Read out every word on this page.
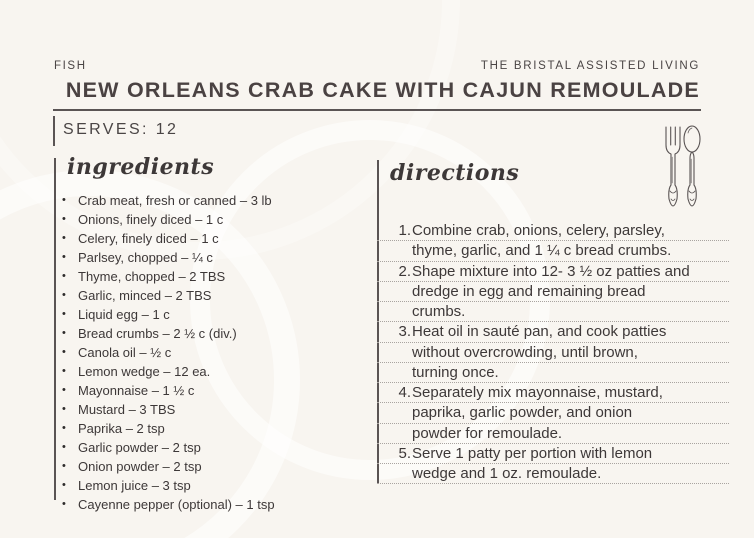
FISH	THE BRISTAL ASSISTED LIVING
NEW ORLEANS CRAB CAKE WITH CAJUN REMOULADE
SERVES: 12
ingredients
• Crab meat, fresh or canned – 3 lb
• Onions, finely diced – 1 c
• Celery, finely diced – 1 c
• Parlsey, chopped – ¼ c
• Thyme, chopped – 2 TBS
• Garlic, minced – 2 TBS
• Liquid egg – 1 c
• Bread crumbs – 2 ½ c (div.)
• Canola oil – ½ c
• Lemon wedge – 12 ea.
• Mayonnaise – 1 ½ c
• Mustard – 3 TBS
• Paprika – 2 tsp
• Garlic powder – 2 tsp
• Onion powder – 2 tsp
• Lemon juice – 3 tsp
• Cayenne pepper (optional) – 1 tsp
directions
1. Combine crab, onions, celery, parsley,
thyme, garlic, and 1 ¼ c bread crumbs.
2. Shape mixture into 12- 3 ½ oz patties and
dredge in egg and remaining bread
crumbs.
3. Heat oil in sauté pan, and cook patties
without overcrowding, until brown,
turning once.
4. Separately mix mayonnaise, mustard,
paprika, garlic powder, and onion
powder for remoulade.
5. Serve 1 patty per portion with lemon
wedge and 1 oz. remoulade.
